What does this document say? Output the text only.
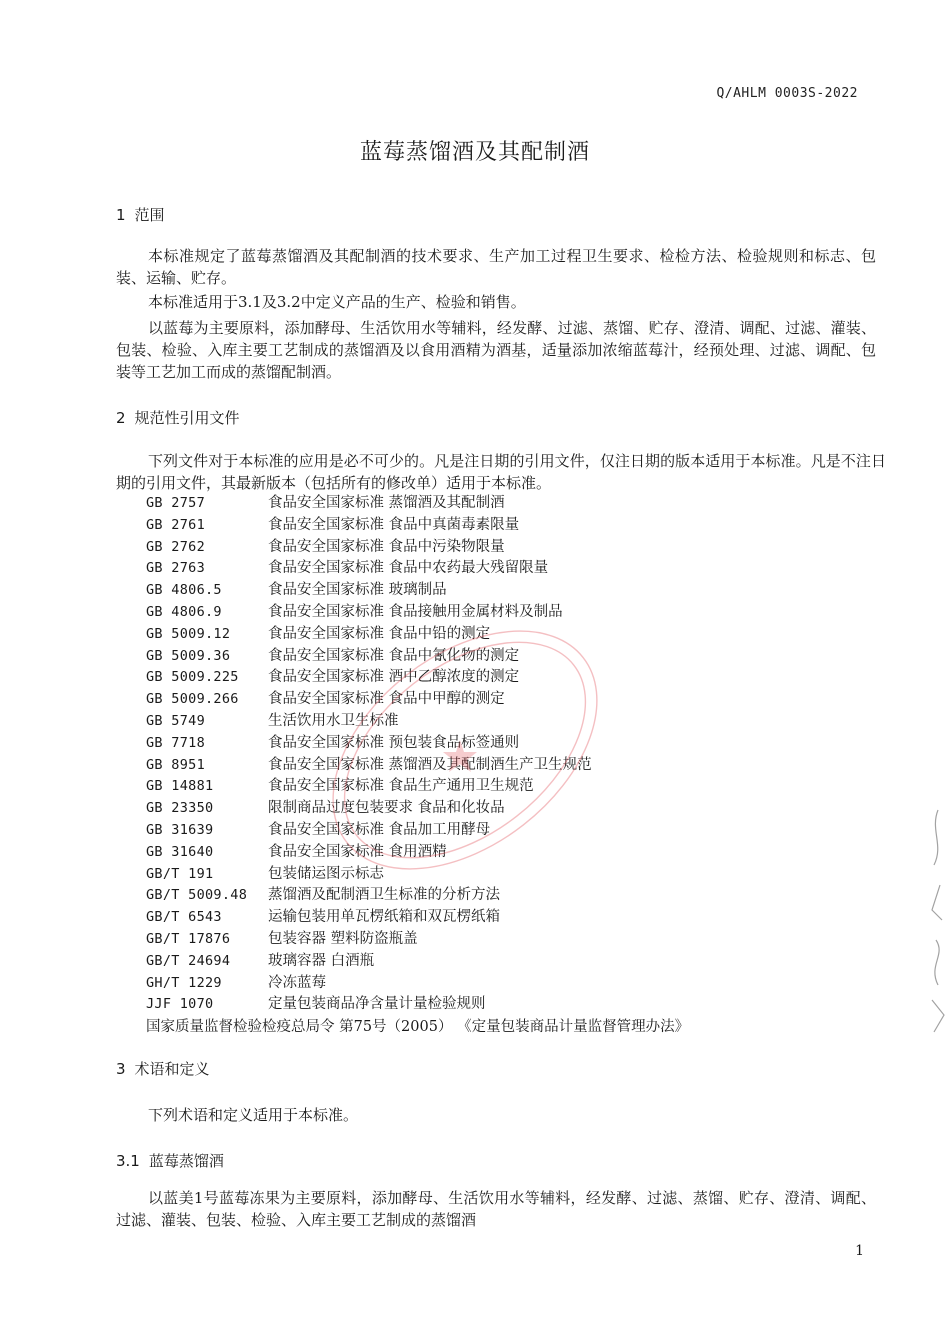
Q/AHLM 0003S-2022
蓝莓蒸馏酒及其配制酒
1 范围
本标准规定了蓝莓蒸馏酒及其配制酒的技术要求、生产加工过程卫生要求、检检方法、检验规则和标志、包装、运输、贮存。
本标准适用于3.1及3.2中定义产品的生产、检验和销售。
以蓝莓为主要原料，添加酵母、生活饮用水等辅料，经发酵、过滤、蒸馏、贮存、澄清、调配、过滤、灌装、包装、检验、入库主要工艺制成的蒸馏酒及以食用酒精为酒基，适量添加浓缩蓝莓汁，经预处理、过滤、调配、包装等工艺加工而成的蒸馏配制酒。
2 规范性引用文件
下列文件对于本标准的应用是必不可少的。凡是注日期的引用文件，仅注日期的版本适用于本标准。凡是不注日期的引用文件，其最新版本（包括所有的修改单）适用于本标准。
GB 2757	食品安全国家标准 蒸馏酒及其配制酒
GB 2761	食品安全国家标准 食品中真菌毒素限量
GB 2762	食品安全国家标准 食品中污染物限量
GB 2763	食品安全国家标准 食品中农药最大残留限量
GB 4806.5	食品安全国家标准 玻璃制品
GB 4806.9	食品安全国家标准 食品接触用金属材料及制品
GB 5009.12	食品安全国家标准 食品中铅的测定
GB 5009.36	食品安全国家标准 食品中氰化物的测定
GB 5009.225 食品安全国家标准 酒中乙醇浓度的测定
GB 5009.266 食品安全国家标准 食品中甲醇的测定
GB 5749	生活饮用水卫生标准
GB 7718	食品安全国家标准 预包装食品标签通则
GB 8951	食品安全国家标准 蒸馏酒及其配制酒生产卫生规范
GB 14881	食品安全国家标准 食品生产通用卫生规范
GB 23350	限制商品过度包装要求 食品和化妆品
GB 31639	食品安全国家标准 食品加工用酵母
GB 31640	食品安全国家标准 食用酒精
GB/T 191	包装储运图示标志
GB/T 5009.48 蒸馏酒及配制酒卫生标准的分析方法
GB/T 6543	运输包装用单瓦楞纸箱和双瓦楞纸箱
GB/T 17876	包装容器 塑料防盗瓶盖
GB/T 24694	玻璃容器 白酒瓶
GH/T 1229	冷冻蓝莓
JJF 1070	定量包装商品净含量计量检验规则
国家质量监督检验检疫总局令 第75号（2005） 《定量包装商品计量监督管理办法》
3 术语和定义
下列术语和定义适用于本标准。
3.1 蓝莓蒸馏酒
以蓝美1号蓝莓冻果为主要原料，添加酵母、生活饮用水等辅料，经发酵、过滤、蒸馏、贮存、澄清、调配、过滤、灌装、包装、检验、入库主要工艺制成的蒸馏酒
1
